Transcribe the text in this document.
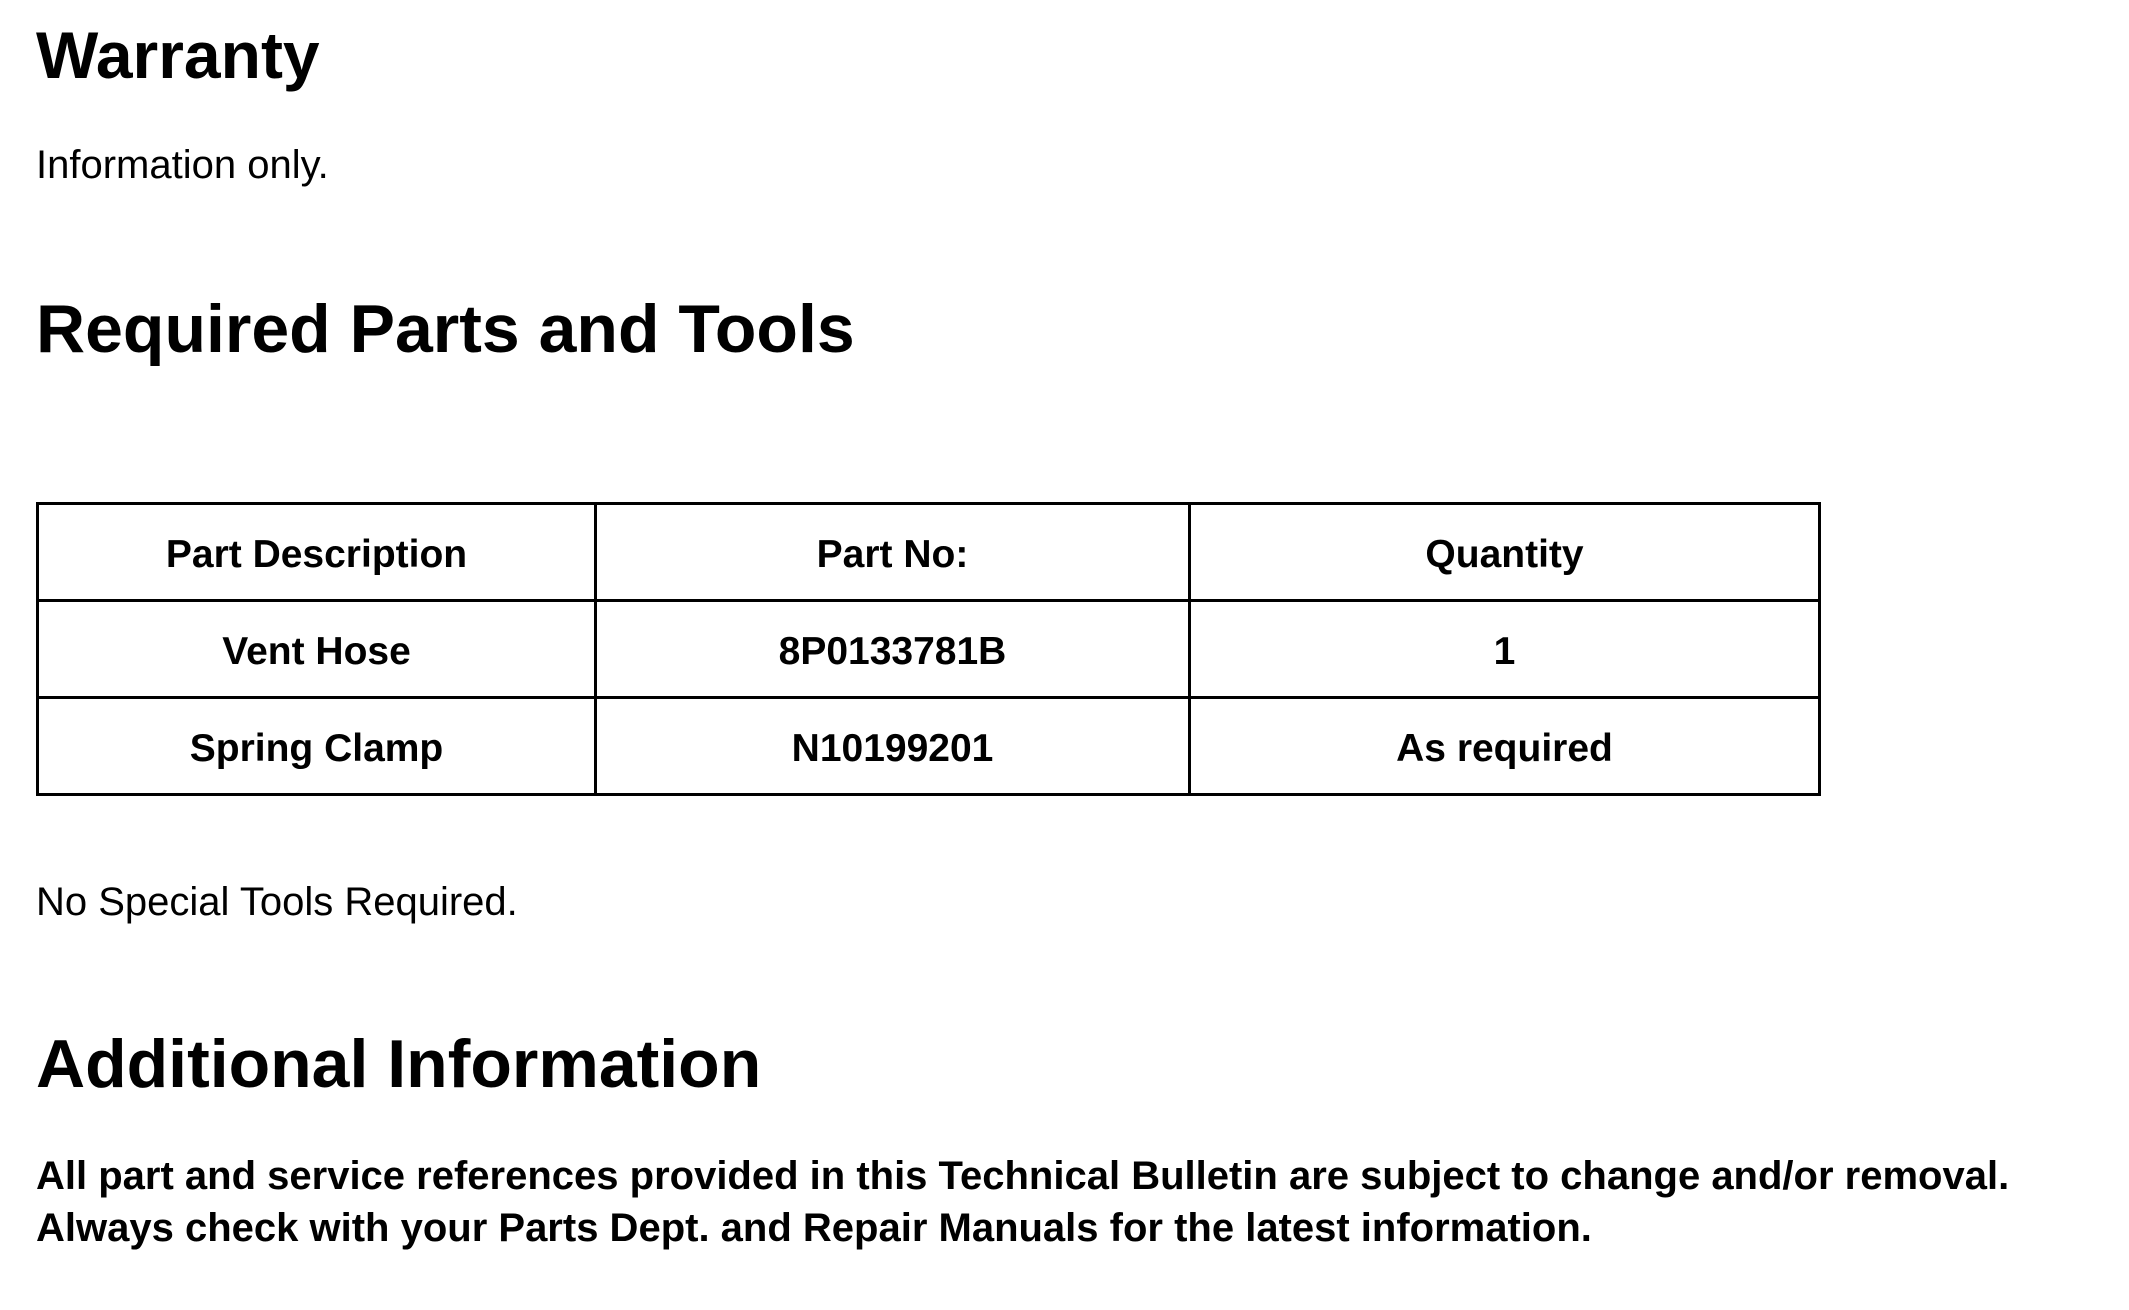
Warranty

Information only.

Required Parts and Tools
Part Description	Part No:	Quantity
Vent Hose	8P0133781B	1
Spring Clamp	N10199201	As required

No Special Tools Required.

Additional Information

All part and service references provided in this Technical Bulletin are subject to change and/or removal.
Always check with your Parts Dept. and Repair Manuals for the latest information.
